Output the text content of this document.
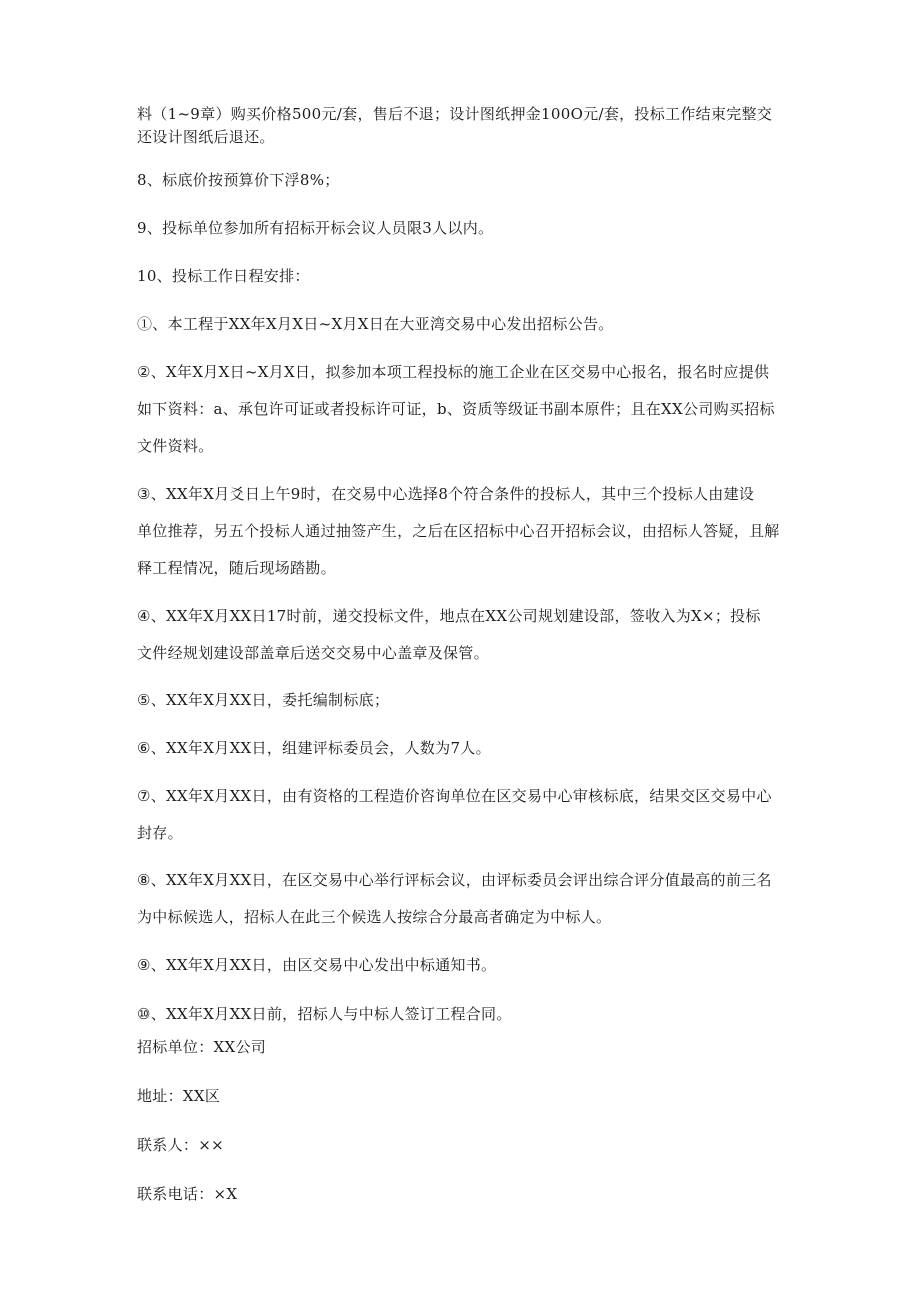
料（1~9章）购买价格500元/套，售后不退；设计图纸押金100O元/套，投标工作结束完整交
还设计图纸后退还。
8、标底价按预算价下浮8%；
9、投标单位参加所有招标开标会议人员限3人以内。
10、投标工作日程安排：
①、本工程于XX年X月X日~X月X日在大亚湾交易中心发出招标公告。
②、X年X月X日~X月X日，拟参加本项工程投标的施工企业在区交易中心报名，报名时应提供
如下资料：a、承包许可证或者投标许可证，b、资质等级证书副本原件；且在XX公司购买招标
文件资料。
③、XX年X月爻日上午9时，在交易中心选择8个符合条件的投标人，其中三个投标人由建设
单位推荐，另五个投标人通过抽签产生，之后在区招标中心召开招标会议，由招标人答疑，且解
释工程情况，随后现场踏勘。
④、XX年X月XX日17时前，递交投标文件，地点在XX公司规划建设部，签收入为X×；投标
文件经规划建设部盖章后送交交易中心盖章及保管。
⑤、XX年X月XX日，委托编制标底；
⑥、XX年X月XX日，组建评标委员会，人数为7人。
⑦、XX年X月XX日，由有资格的工程造价咨询单位在区交易中心审核标底，结果交区交易中心
封存。
⑧、XX年X月XX日，在区交易中心举行评标会议，由评标委员会评出综合评分值最高的前三名
为中标候选人，招标人在此三个候选人按综合分最高者确定为中标人。
⑨、XX年X月XX日，由区交易中心发出中标通知书。
⑩、XX年X月XX日前，招标人与中标人签订工程合同。
招标单位：XX公司
地址：XX区
联系人：××
联系电话：×X
